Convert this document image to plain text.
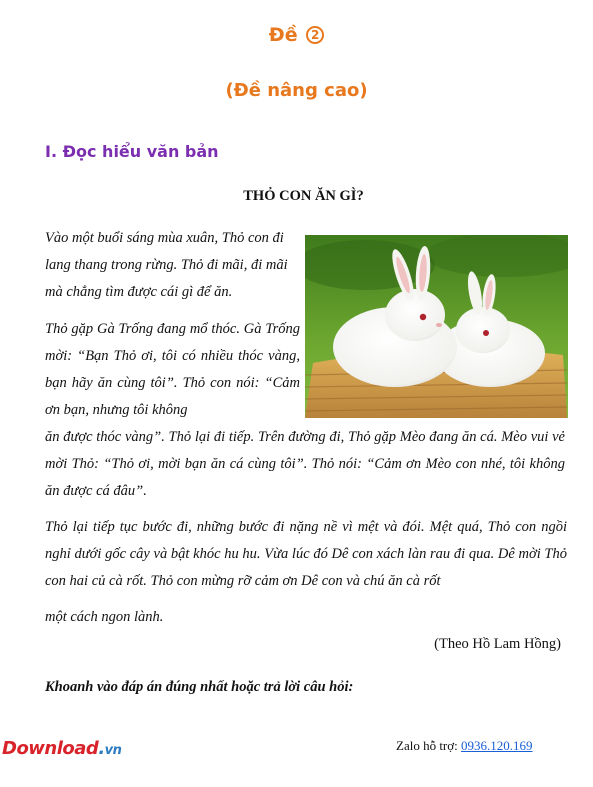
Đề 2
(Đề nâng cao)
I. Đọc hiểu văn bản
THỎ CON ĂN GÌ?

Vào một buổi sáng mùa xuân, Thỏ con đi lang thang trong rừng. Thỏ đi mãi, đi mãi mà chẳng tìm được cái gì để ăn.

Thỏ gặp Gà Trống đang mổ thóc. Gà Trống mời: “Bạn Thỏ ơi, tôi có nhiều thóc vàng, bạn hãy ăn cùng tôi”. Thỏ con nói: “Cảm ơn bạn, nhưng tôi không

ăn được thóc vàng”. Thỏ lại đi tiếp. Trên đường đi, Thỏ gặp Mèo đang ăn cá. Mèo vui vẻ mời Thỏ: “Thỏ ơi, mời bạn ăn cá cùng tôi”. Thỏ nói: “Cảm ơn Mèo con nhé, tôi không ăn được cá đâu”.

Thỏ lại tiếp tục bước đi, những bước đi nặng nề vì mệt và đói. Mệt quá, Thỏ con ngồi nghỉ dưới gốc cây và bật khóc hu hu. Vừa lúc đó Dê con xách làn rau đi qua. Dê mời Thỏ con hai củ cà rốt. Thỏ con mừng rỡ cảm ơn Dê con và chú ăn cà rốt

một cách ngon lành.

(Theo Hồ Lam Hồng)
Khoanh vào đáp án đúng nhất hoặc trả lời câu hỏi:
Download.vn	Zalo hỗ trợ: 0936.120.169
